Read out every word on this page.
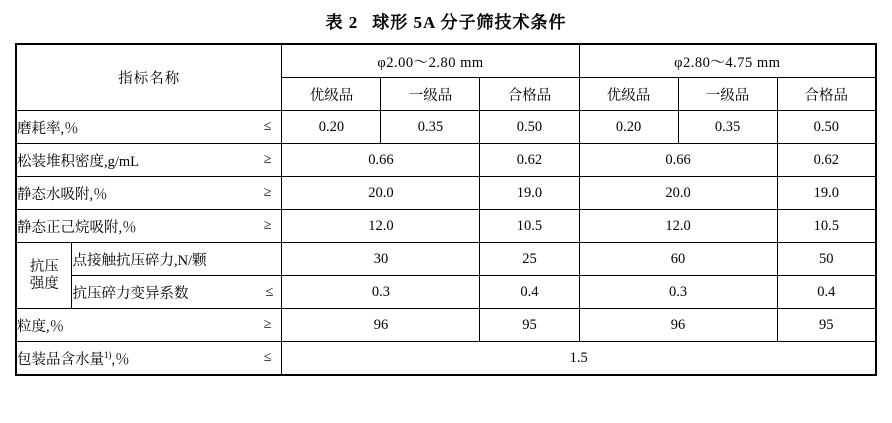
表 2 球形 5A 分子筛技术条件
指标名称		φ2.00～2.80 mm			φ2.80～4.75 mm		
		优级品	一级品	合格品	优级品	一级品	合格品

磨耗率,％ ≤		0.20	0.35	0.50	0.20	0.35	0.50

松装堆积密度,g/mL ≥		0.66		0.62	0.66		0.62

静态水吸附,％ ≥		20.0		19.0	20.0		19.0

静态正己烷吸附,％ ≥		12.0		10.5	12.0		10.5

抗压
强度	点接触抗压碎力,N/颗	30		25	60		50

	抗压碎力变异系数 ≤	0.3		0.4	0.3		0.4

粒度,％ ≥		96		95	96		95

包装品含水量$^{1)}$,％ ≤		1.5					
